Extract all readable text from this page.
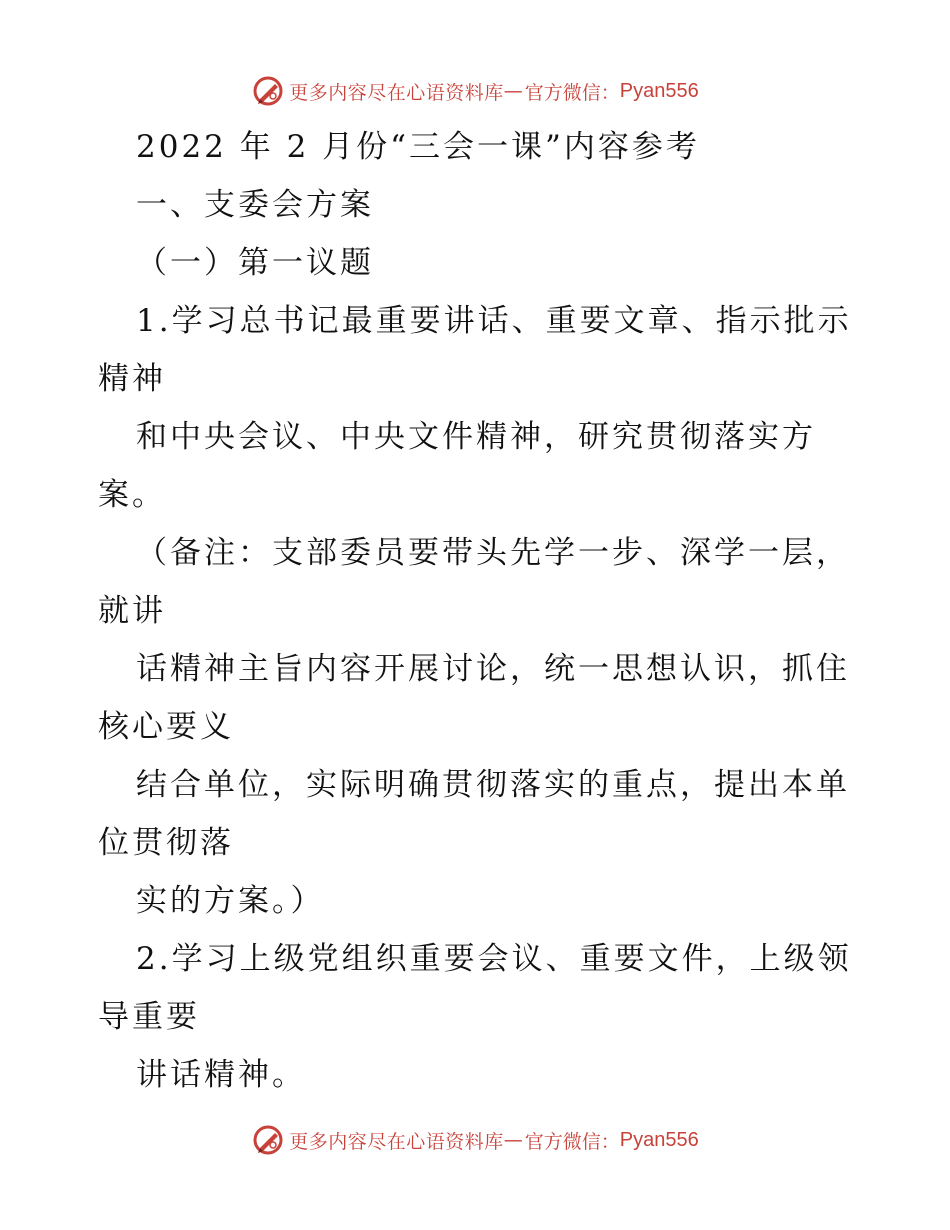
更多内容尽在心语资料库 — 官方微信： Pyan556
2022 年 2 月份“三会一课”内容参考
一、支委会方案
（一）第一议题
1.学习总书记最重要讲话、重要文章、指示批示
精神
和中央会议、中央文件精神，研究贯彻落实方
案。
（备注：支部委员要带头先学一步、深学一层，
就讲
话精神主旨内容开展讨论，统一思想认识，抓住
核心要义
结合单位，实际明确贯彻落实的重点，提出本单
位贯彻落
实的方案。）
2.学习上级党组织重要会议、重要文件，上级领
导重要
讲话精神。
更多内容尽在心语资料库 — 官方微信： Pyan556
